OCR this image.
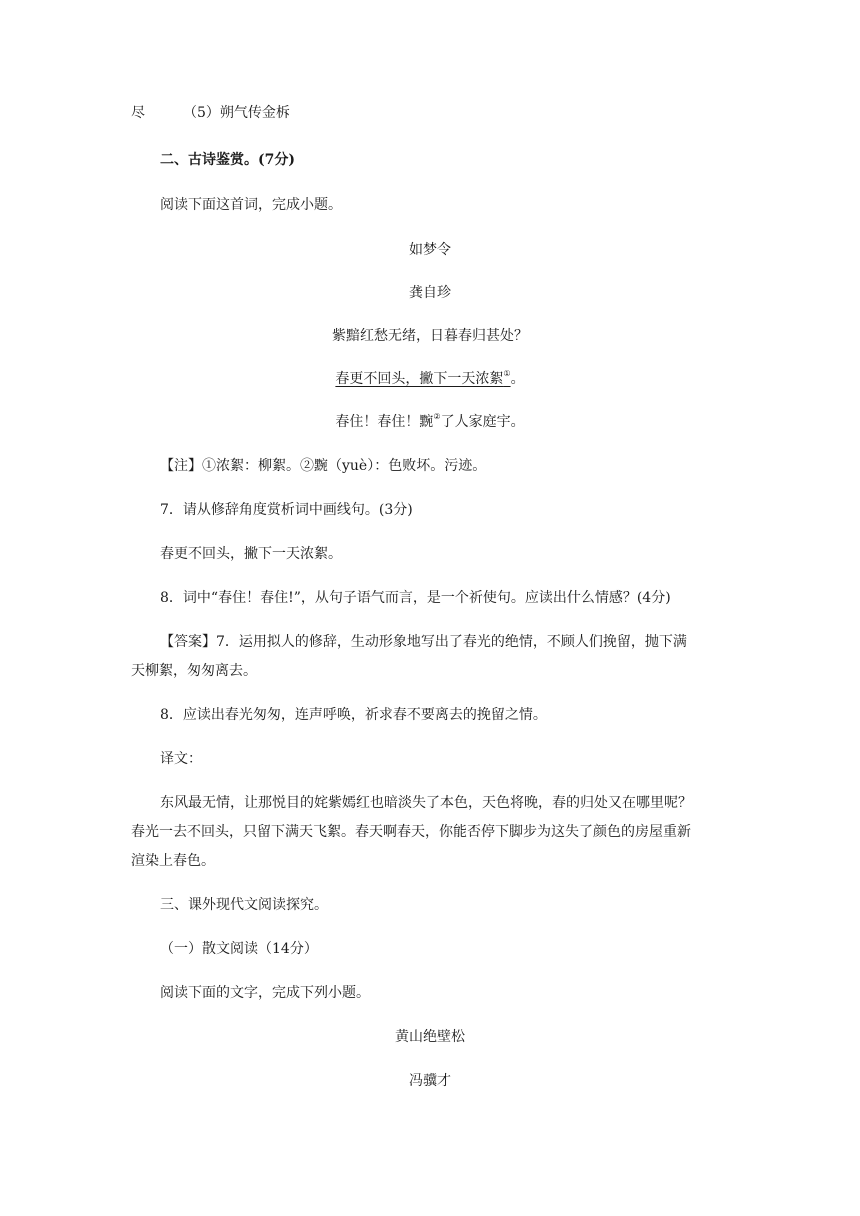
尽	（5）朔气传金柝
二、古诗鉴赏。(7分)
阅读下面这首词，完成小题。
如梦令
龚自珍
紫黯红愁无绪，日暮春归甚处？
春更不回头，撇下一天浓絮①。
春住！春住！黦②了人家庭宇。
【注】①浓絮：柳絮。②黦（yuè）：色败坏。污迹。
7．请从修辞角度赏析词中画线句。(3分)
春更不回头，撇下一天浓絮。
8．词中“春住！春住!”，从句子语气而言，是一个祈使句。应读出什么情感？(4分)
【答案】7．运用拟人的修辞，生动形象地写出了春光的绝情，不顾人们挽留，抛下满
天柳絮，匆匆离去。
8．应读出春光匆匆，连声呼唤，祈求春不要离去的挽留之情。
译文：
东风最无情，让那悦目的姹紫嫣红也暗淡失了本色，天色将晚，春的归处又在哪里呢？
春光一去不回头，只留下满天飞絮。春天啊春天，你能否停下脚步为这失了颜色的房屋重新
渲染上春色。
三、课外现代文阅读探究。
（一）散文阅读（14分）
阅读下面的文字，完成下列小题。
黄山绝壁松
冯骥才
